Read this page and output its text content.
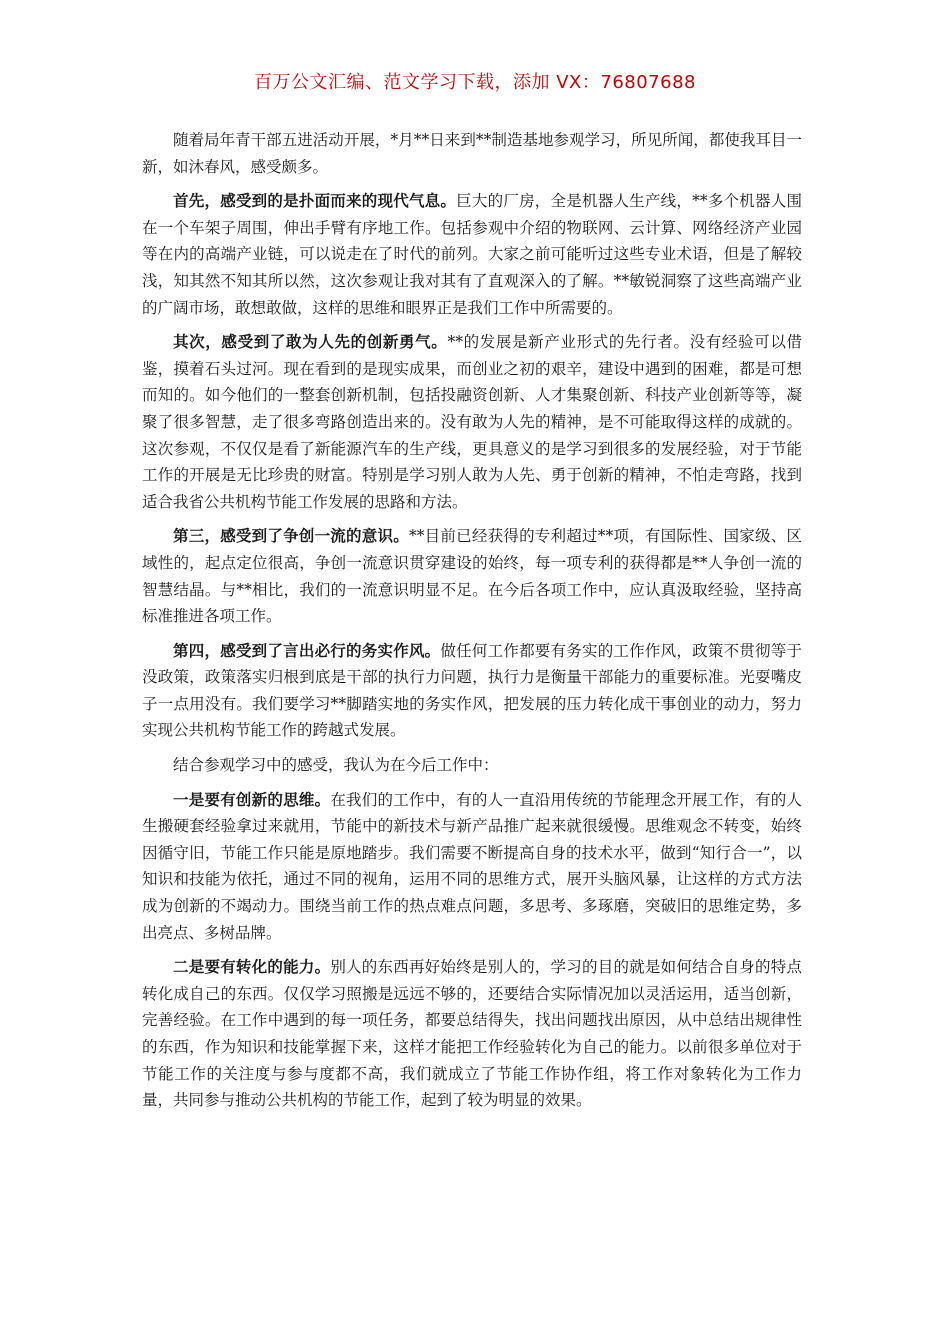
百万公文汇编、范文学习下载，添加 VX：76807688

随着局年青干部五进活动开展，*月**日来到**制造基地参观学习，所见所闻，都使我耳目一新，如沐春风，感受颇多。

首先，感受到的是扑面而来的现代气息。巨大的厂房，全是机器人生产线，**多个机器人围在一个车架子周围，伸出手臂有序地工作。包括参观中介绍的物联网、云计算、网络经济产业园等在内的高端产业链，可以说走在了时代的前列。大家之前可能听过这些专业术语，但是了解较浅，知其然不知其所以然，这次参观让我对其有了直观深入的了解。**敏锐洞察了这些高端产业的广阔市场，敢想敢做，这样的思维和眼界正是我们工作中所需要的。

其次，感受到了敢为人先的创新勇气。**的发展是新产业形式的先行者。没有经验可以借鉴，摸着石头过河。现在看到的是现实成果，而创业之初的艰辛，建设中遇到的困难，都是可想而知的。如今他们的一整套创新机制，包括投融资创新、人才集聚创新、科技产业创新等等，凝聚了很多智慧，走了很多弯路创造出来的。没有敢为人先的精神，是不可能取得这样的成就的。这次参观，不仅仅是看了新能源汽车的生产线，更具意义的是学习到很多的发展经验，对于节能工作的开展是无比珍贵的财富。特别是学习别人敢为人先、勇于创新的精神，不怕走弯路，找到适合我省公共机构节能工作发展的思路和方法。

第三，感受到了争创一流的意识。**目前已经获得的专利超过**项，有国际性、国家级、区域性的，起点定位很高，争创一流意识贯穿建设的始终，每一项专利的获得都是**人争创一流的智慧结晶。与**相比，我们的一流意识明显不足。在今后各项工作中，应认真汲取经验，坚持高标准推进各项工作。

第四，感受到了言出必行的务实作风。做任何工作都要有务实的工作作风，政策不贯彻等于没政策，政策落实归根到底是干部的执行力问题，执行力是衡量干部能力的重要标准。光耍嘴皮子一点用没有。我们要学习**脚踏实地的务实作风，把发展的压力转化成干事创业的动力，努力实现公共机构节能工作的跨越式发展。

结合参观学习中的感受，我认为在今后工作中：

一是要有创新的思维。在我们的工作中，有的人一直沿用传统的节能理念开展工作，有的人生搬硬套经验拿过来就用，节能中的新技术与新产品推广起来就很缓慢。思维观念不转变，始终因循守旧，节能工作只能是原地踏步。我们需要不断提高自身的技术水平，做到“知行合一”，以知识和技能为依托，通过不同的视角，运用不同的思维方式，展开头脑风暴，让这样的方式方法成为创新的不竭动力。围绕当前工作的热点难点问题，多思考、多琢磨，突破旧的思维定势，多出亮点、多树品牌。

二是要有转化的能力。别人的东西再好始终是别人的，学习的目的就是如何结合自身的特点转化成自己的东西。仅仅学习照搬是远远不够的，还要结合实际情况加以灵活运用，适当创新，完善经验。在工作中遇到的每一项任务，都要总结得失，找出问题找出原因，从中总结出规律性的东西，作为知识和技能掌握下来，这样才能把工作经验转化为自己的能力。以前很多单位对于节能工作的关注度与参与度都不高，我们就成立了节能工作协作组，将工作对象转化为工作力量，共同参与推动公共机构的节能工作，起到了较为明显的效果。
